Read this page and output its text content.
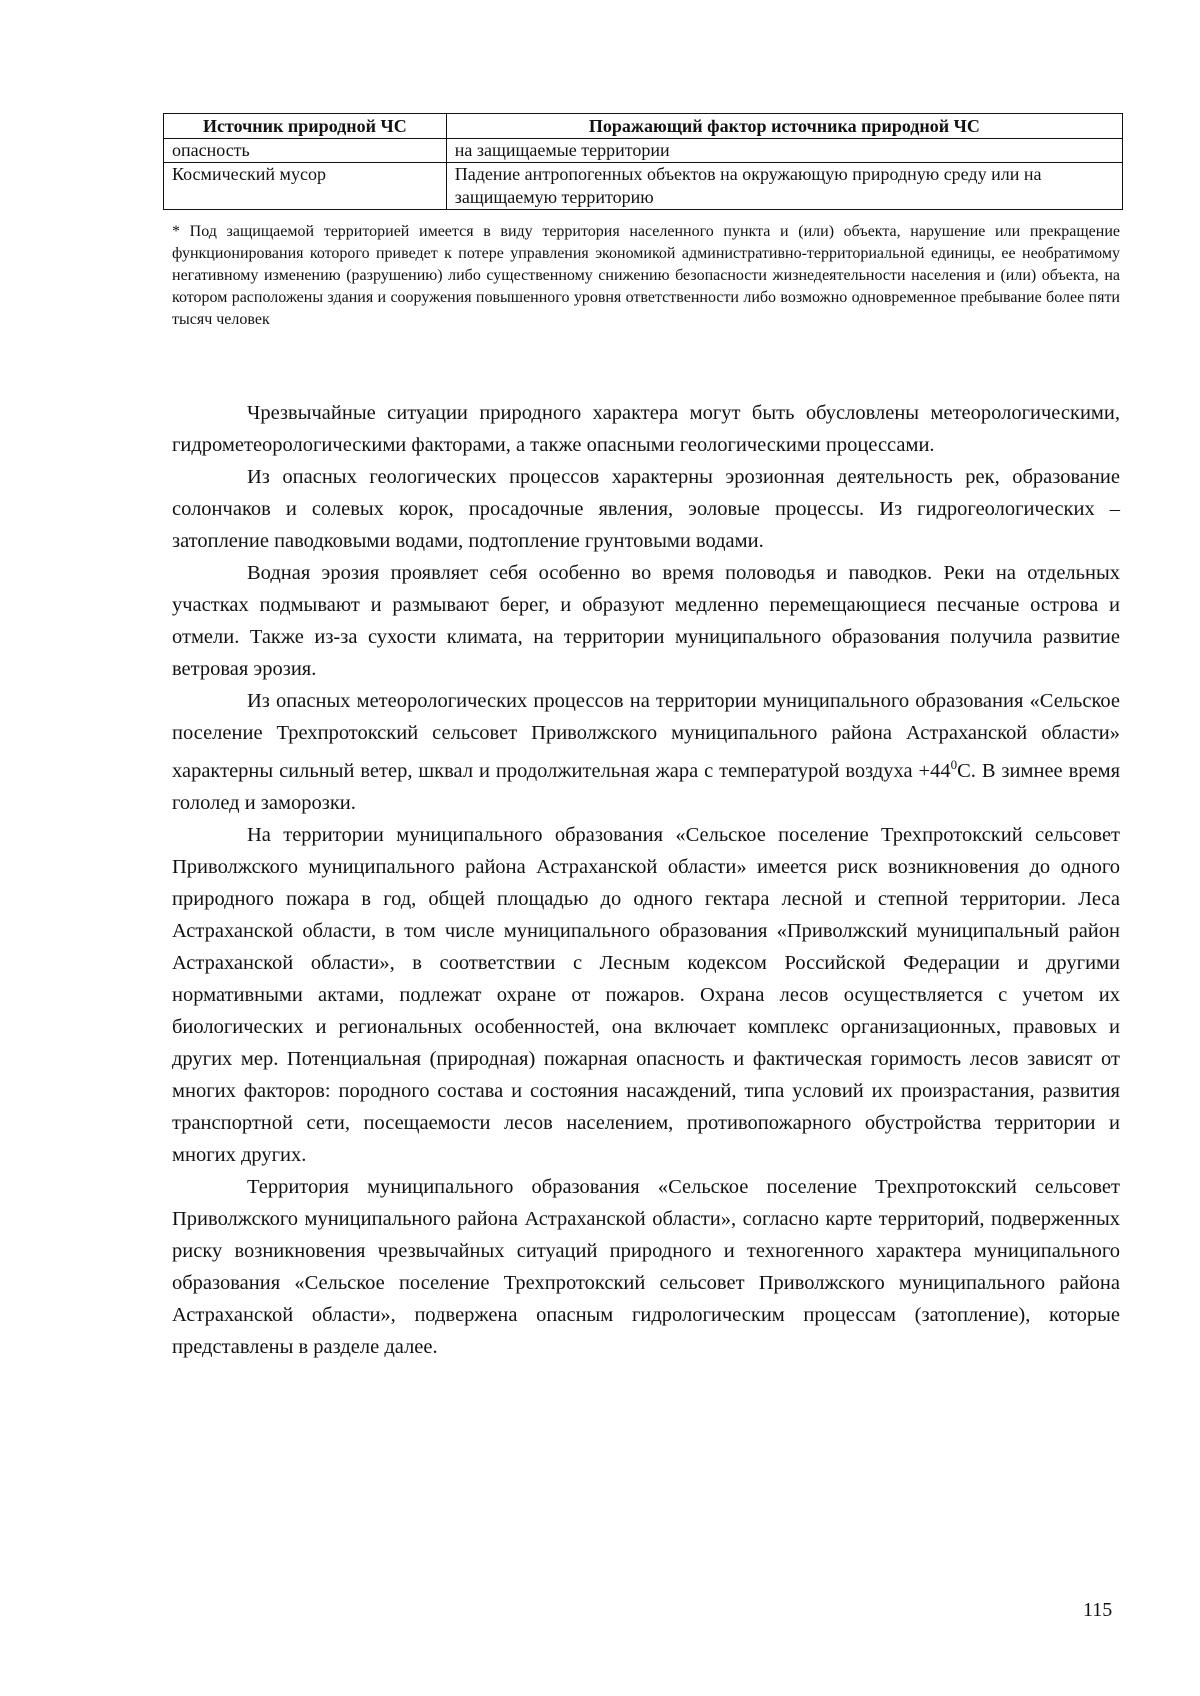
Источник природной ЧС	Поражающий фактор источника природной ЧС
опасность	на защищаемые территории
Космический мусор	Падение антропогенных объектов на окружающую природную среду или на защищаемую территорию

* Под защищаемой территорией имеется в виду территория населенного пункта и (или) объекта, нарушение или прекращение функционирования которого приведет к потере управления экономикой административно-территориальной единицы, ее необратимому негативному изменению (разрушению) либо существенному снижению безопасности жизнедеятельности населения и (или) объекта, на котором расположены здания и сооружения повышенного уровня ответственности либо возможно одновременное пребывание более пяти тысяч человек

Чрезвычайные ситуации природного характера могут быть обусловлены метеорологическими, гидрометеорологическими факторами, а также опасными геологическими процессами.

Из опасных геологических процессов характерны эрозионная деятельность рек, образование солончаков и солевых корок, просадочные явления, эоловые процессы. Из гидрогеологических – затопление паводковыми водами, подтопление грунтовыми водами.

Водная эрозия проявляет себя особенно во время половодья и паводков. Реки на отдельных участках подмывают и размывают берег, и образуют медленно перемещающиеся песчаные острова и отмели. Также из-за сухости климата, на территории муниципального образования получила развитие ветровая эрозия.

Из опасных метеорологических процессов на территории муниципального образования «Сельское поселение Трехпротокский сельсовет Приволжского муниципального района Астраханской области» характерны сильный ветер, шквал и продолжительная жара с температурой воздуха $+44^0С$. В зимнее время гололед и заморозки.

На территории муниципального образования «Сельское поселение Трехпротокский сельсовет Приволжского муниципального района Астраханской области» имеется риск возникновения до одного природного пожара в год, общей площадью до одного гектара лесной и степной территории. Леса Астраханской области, в том числе муниципального образования «Приволжский муниципальный район Астраханской области», в соответствии с Лесным кодексом Российской Федерации и другими нормативными актами, подлежат охране от пожаров. Охрана лесов осуществляется с учетом их биологических и региональных особенностей, она включает комплекс организационных, правовых и других мер. Потенциальная (природная) пожарная опасность и фактическая горимость лесов зависят от многих факторов: породного состава и состояния насаждений, типа условий их произрастания, развития транспортной сети, посещаемости лесов населением, противопожарного обустройства территории и многих других.

Территория муниципального образования «Сельское поселение Трехпротокский сельсовет Приволжского муниципального района Астраханской области», согласно карте территорий, подверженных риску возникновения чрезвычайных ситуаций природного и техногенного характера муниципального образования «Сельское поселение Трехпротокский сельсовет Приволжского муниципального района Астраханской области», подвержена опасным гидрологическим процессам (затопление), которые представлены в разделе далее.

115
